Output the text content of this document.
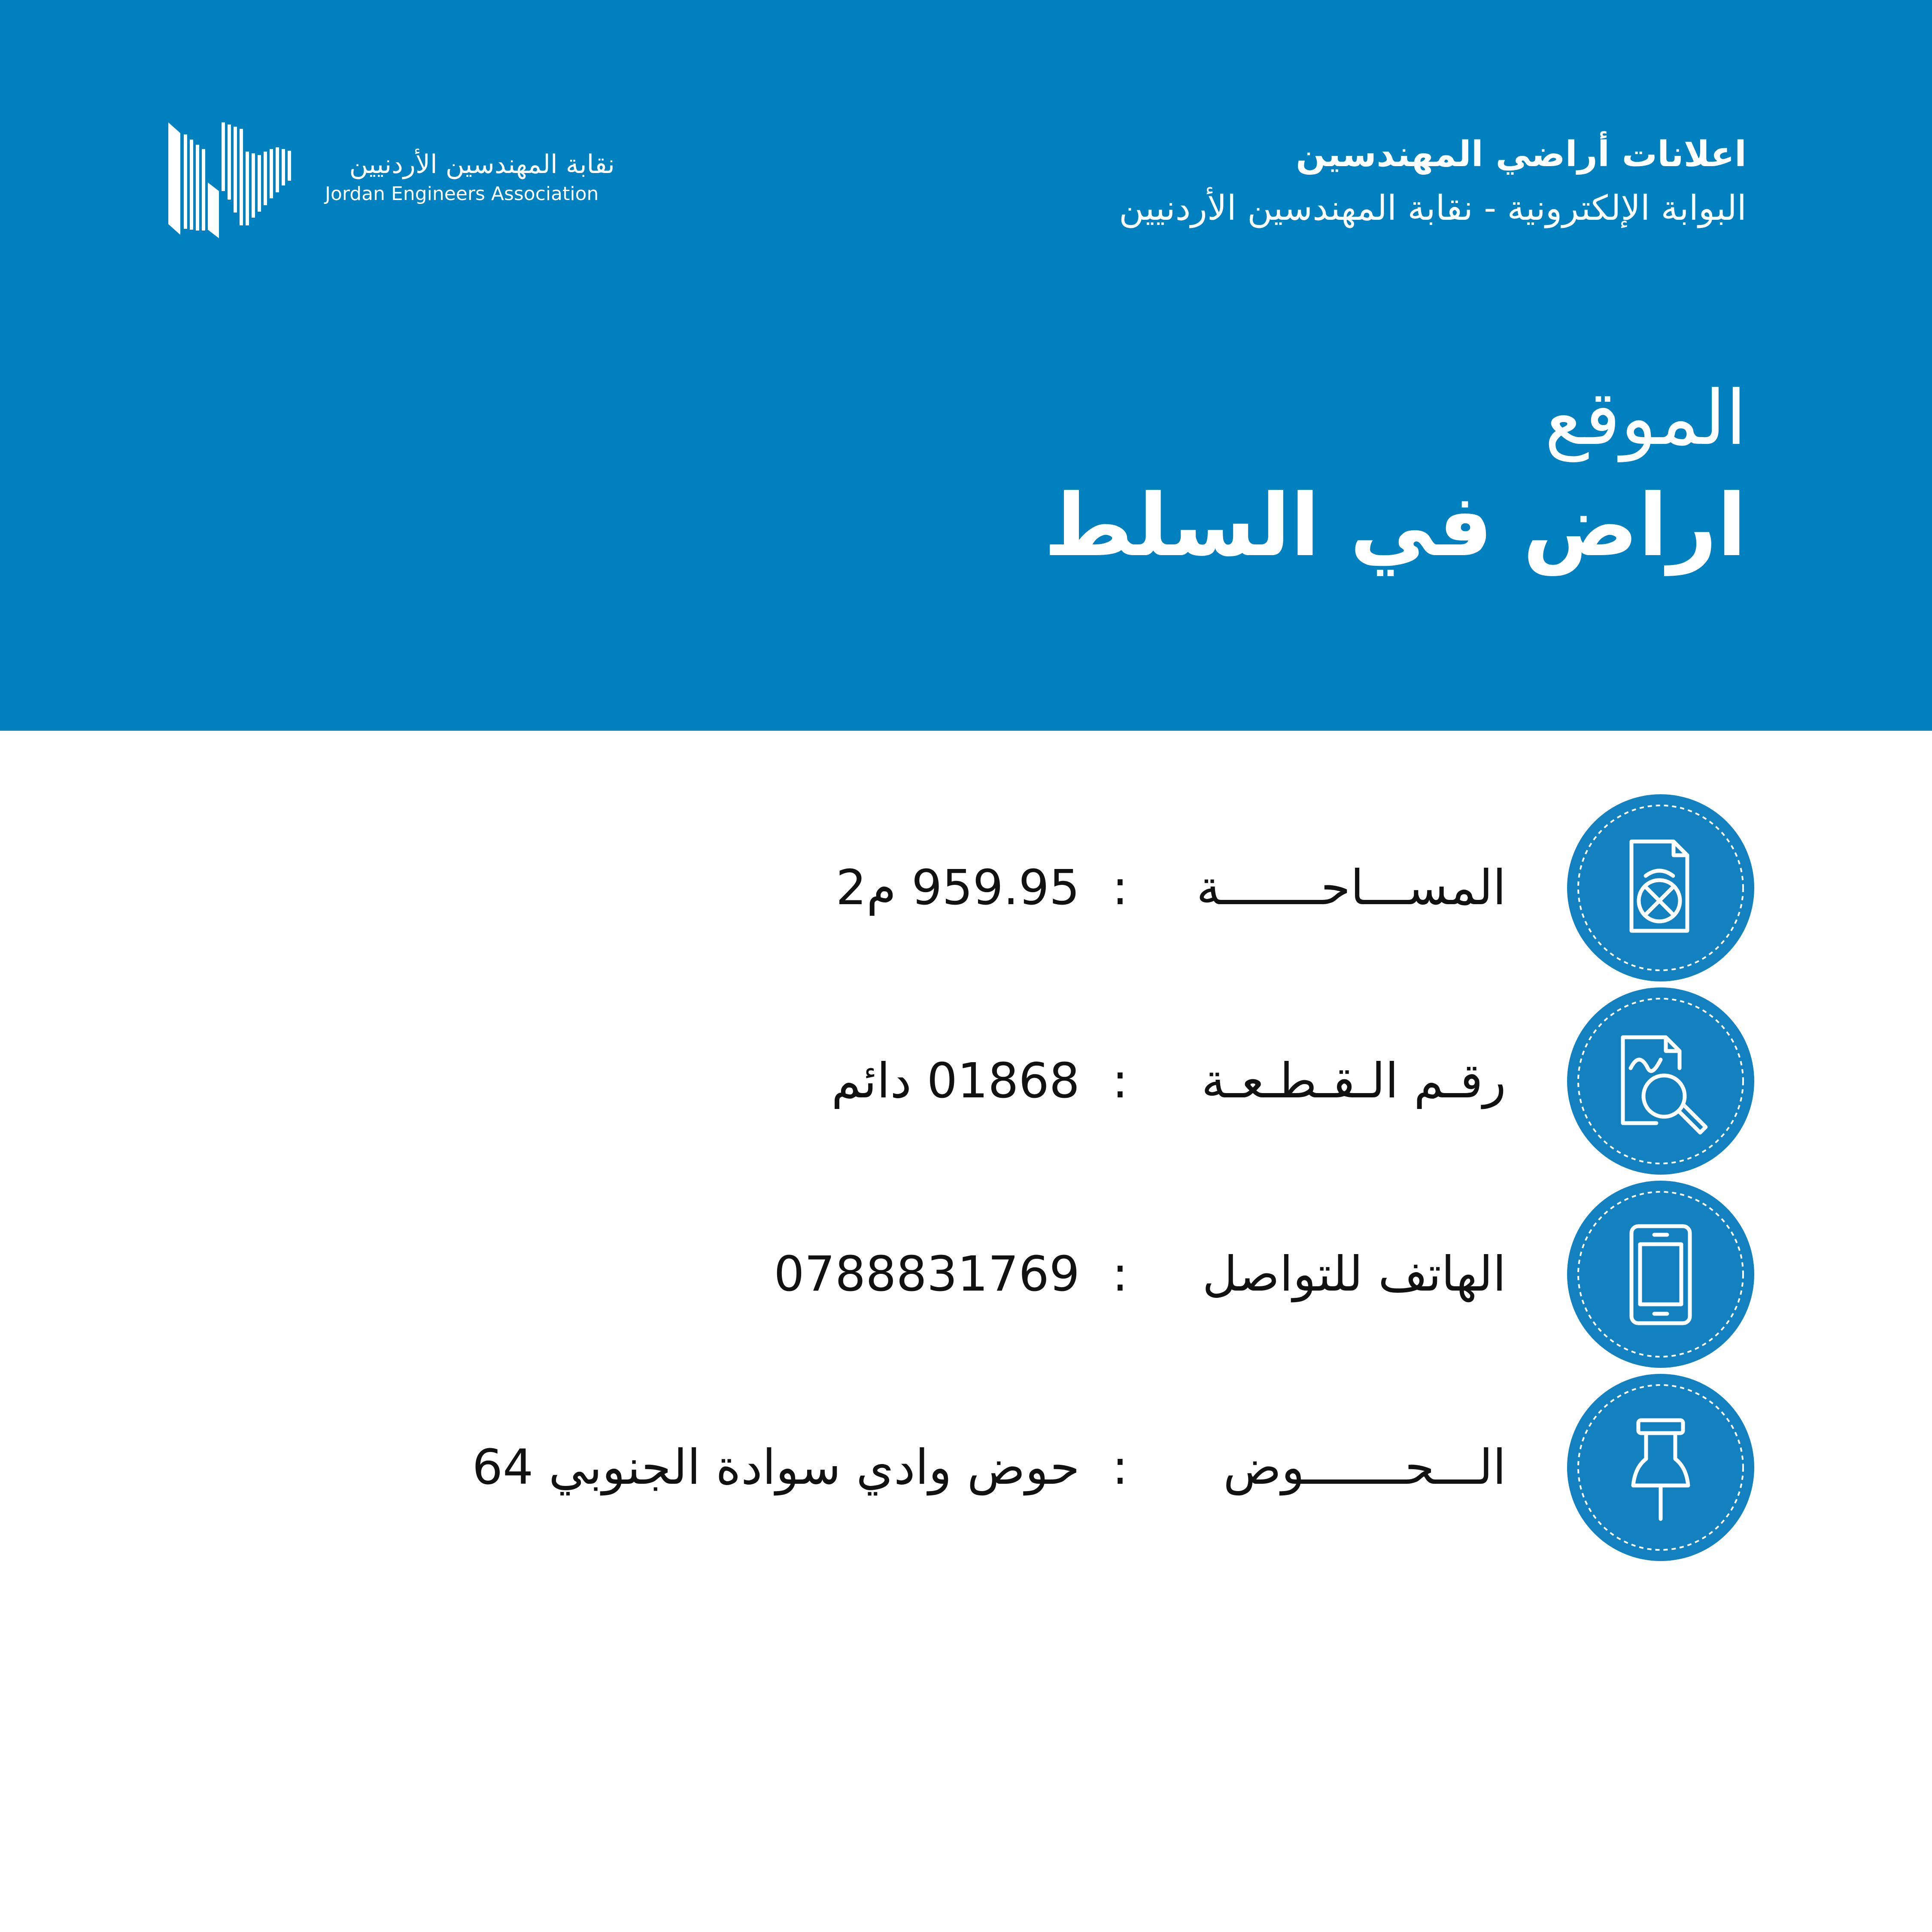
نقابة المهندسين الأردنيين
Jordan Engineers Association
اعلانات أراضي المهندسين
البوابة الإلكترونية - نقابة المهندسين الأردنيين
الموقع
اراض في السلط
المســـاحـــــــة
:
959.95 م2
رقـم الـقـطـعـة
:
01868 دائم
الهاتف للتواصل
:
0788831769
الـــحـــــــوض
:
حوض وادي سوادة الجنوبي 64
